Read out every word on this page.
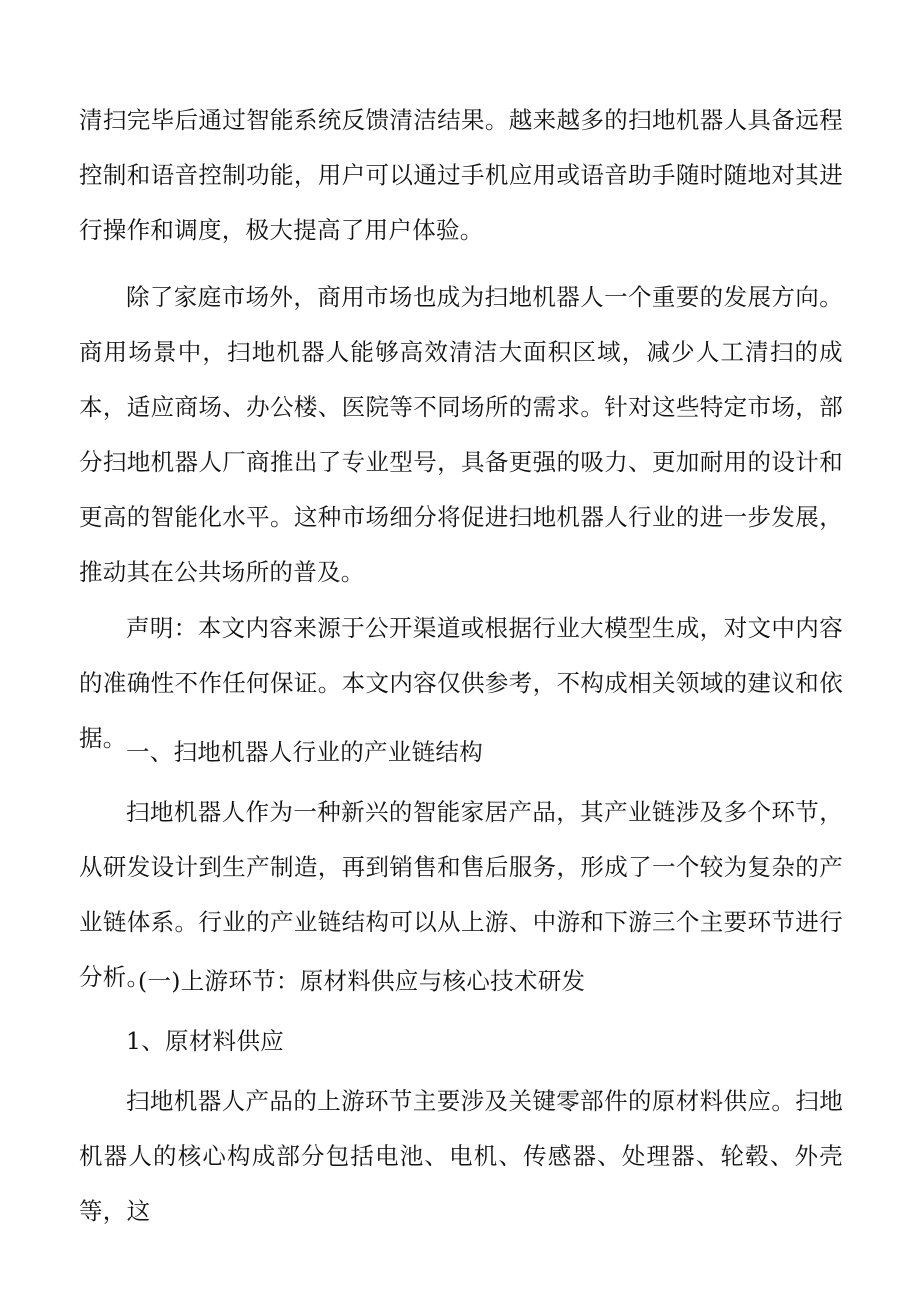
清扫完毕后通过智能系统反馈清洁结果。越来越多的扫地机器人具备远程控制和语音控制功能，用户可以通过手机应用或语音助手随时随地对其进行操作和调度，极大提高了用户体验。

除了家庭市场外，商用市场也成为扫地机器人一个重要的发展方向。商用场景中，扫地机器人能够高效清洁大面积区域，减少人工清扫的成本，适应商场、办公楼、医院等不同场所的需求。针对这些特定市场，部分扫地机器人厂商推出了专业型号，具备更强的吸力、更加耐用的设计和更高的智能化水平。这种市场细分将促进扫地机器人行业的进一步发展，推动其在公共场所的普及。

声明：本文内容来源于公开渠道或根据行业大模型生成，对文中内容的准确性不作任何保证。本文内容仅供参考，不构成相关领域的建议和依据。 一、扫地机器人行业的产业链结构

扫地机器人作为一种新兴的智能家居产品，其产业链涉及多个环节，从研发设计到生产制造，再到销售和售后服务，形成了一个较为复杂的产业链体系。行业的产业链结构可以从上游、中游和下游三个主要环节进行分析。

(一)上游环节：原材料供应与核心技术研发

1、原材料供应

扫地机器人产品的上游环节主要涉及关键零部件的原材料供应。扫地机器人的核心构成部分包括电池、电机、传感器、处理器、轮毂、外壳等，这
